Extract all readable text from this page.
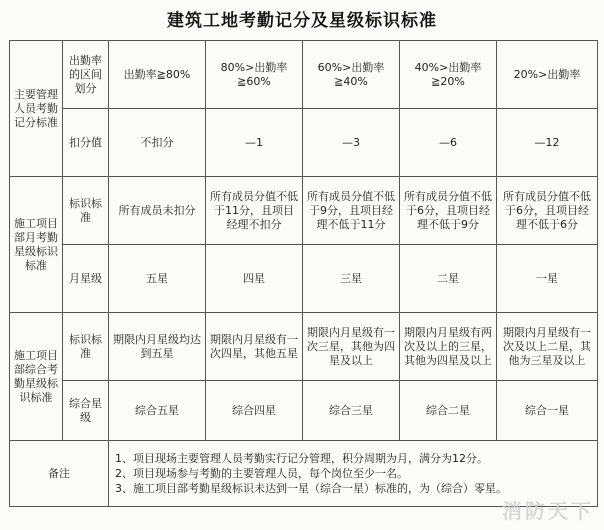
建筑工地考勤记分及星级标识标准
主要管理人员考勤记分标准	出勤率的区间划分	出勤率≧80%	80%>出勤率≧60%	60%>出勤率≧40%	40%>出勤率≧20%	20%>出勤率
	扣分值	不扣分	—1	—3	—6	—12
施工项目部月考勤星级标识标准	标识标准	所有成员未扣分	所有成员分值不低于11分，且项目经理不扣分	所有成员分值不低于9分，且项目经理不低于11分	所有成员分值不低于6分，且项目经理不低于9分	所有成员分值不低于6分，且项目经理不低于6分
	月星级	五星	四星	三星	二星	一星
施工项目部综合考勤星级标识标准	标识标准	期限内月星级均达到五星	期限内月星级有一次四星，其他五星	期限内月星级有一次三星，其他为四星及以上	期限内月星级有两次及以上的三星，其他为四星及以上	期限内月星级有一次及以上二星，其他为三星及以上
	综合星级	综合五星	综合四星	综合三星	综合二星	综合一星
备注		1、项目现场主要管理人员考勤实行记分管理，积分周期为月，满分为12分。
2、项目现场参与考勤的主要管理人员，每个岗位至少一名。
3、施工项目部考勤星级标识未达到一星（综合一星）标准的，为（综合）零星。				
消防天下
